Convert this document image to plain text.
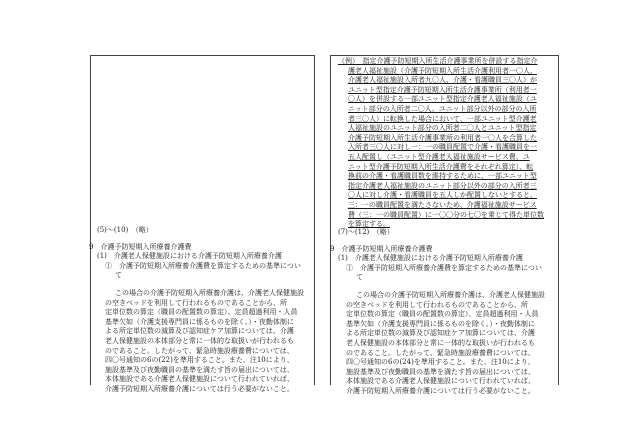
（例）　指定介護予防短期入所生活介護事業所を併設する指定介
護老人福祉施設（介護予防短期入所生活介護利用者一〇人、
介護老人福祉施設入所者九〇人、介護・看護職員三〇人）が
ユニット型指定介護予防短期入所生活介護事業所（利用者一
〇人）を併設する一部ユニット型指定介護老人福祉施設（ユ
ニット部分の入所者二〇人、ユニット部分以外の部分の入所
者三〇人）に転換した場合において、一部ユニット型介護老
人福祉施設のユニット部分の入所者二〇人とユニット型指定
介護予防短期入所生活介護事業所の利用者一〇人を合算した
入所者三〇人に対し一：一の職員配置で介護・看護職員を一
五人配置し（ユニット型介護老人福祉施設サービス費、ユ
ニット型介護予防短期入所生活介護費をそれぞれ算定）、転
換前の介護・看護職員数を維持するために、一部ユニット型
指定介護老人福祉施設のユニット部分以外の部分の入所者三
〇人に対し介護・看護職員を五人しか配置しないとすると、
三：一の職員配置を満たさないため、介護福祉施設サービス
費（三：一の職員配置）に一〇〇分の七〇を乗じて得た単位数
を算定する。
(5)～(10)　（略）
9　介護予防短期入所療養介護費
(1)　介護老人保健施設における介護予防短期入所療養介護
①　介護予防短期入所療養介護費を算定するための基準につい
て
この場合の介護予防短期入所療養介護は、介護老人保健施設
の空きベッドを利用して行われるものであることから、所
定単位数の算定（職員の配置数の算定）、定員超過利用・人員
基準欠如（介護支援専門員に係るものを除く。）・夜勤体制に
よる所定単位数の減算及び認知症ケア加算については、介護
老人保健施設の本体部分と常に一体的な取扱いが行われるも
のであること。したがって、緊急時施設療養費については、
四〇号通知の6の(22)を準用すること。また、注10により、
施設基準及び夜勤職員の基準を満たす旨の届出については、
本体施設である介護老人保健施設について行われていれば、
介護予防短期入所療養介護については行う必要がないこと。
(7)～(12)　（略）
9　介護予防短期入所療養介護費
(1)　介護老人保健施設における介護予防短期入所療養介護
①　介護予防短期入所療養介護費を算定するための基準につい
て
この場合の介護予防短期入所療養介護は、介護老人保健施設
の空きベッドを利用して行われるものであることから、所
定単位数の算定（職員の配置数の算定）、定員超過利用・人員
基準欠如（介護支援専門員に係るものを除く。）・夜勤体制に
よる所定単位数の減算及び認知症ケア加算については、介護
老人保健施設の本体部分と常に一体的な取扱いが行われるも
のであること。したがって、緊急時施設療養費については、
四〇号通知の6の(24)を準用すること。また、注10により、
施設基準及び夜勤職員の基準を満たす旨の届出については、
本体施設である介護老人保健施設について行われていれば、
介護予防短期入所療養介護については行う必要がないこと。
